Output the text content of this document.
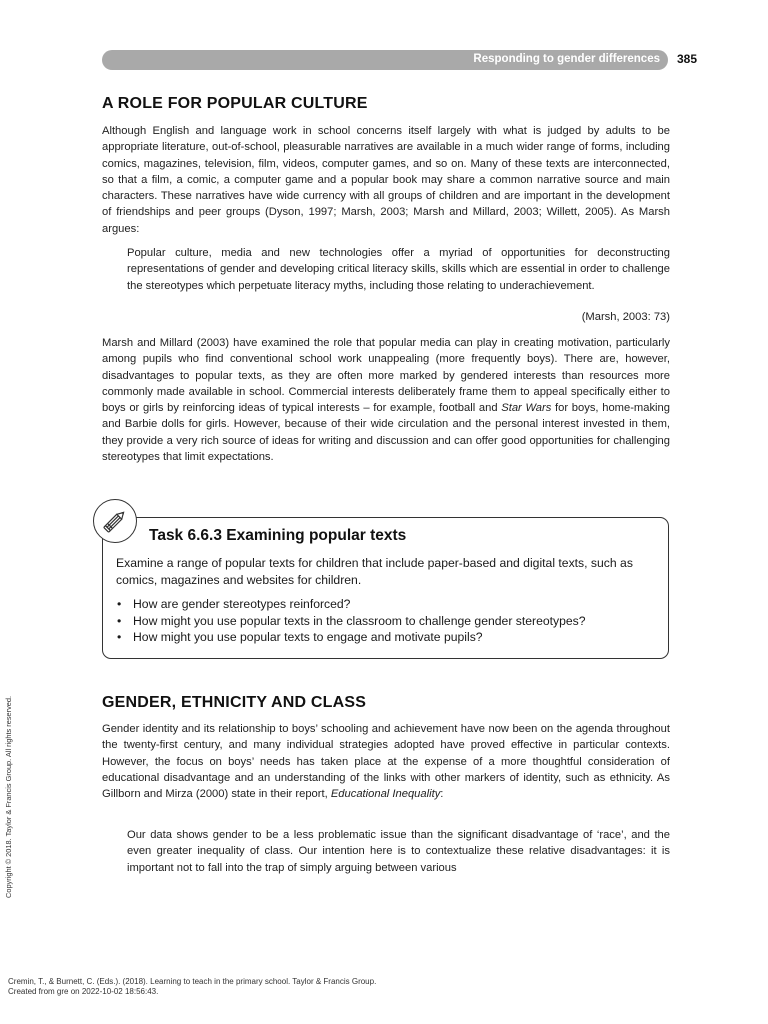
Responding to gender differences 385
A ROLE FOR POPULAR CULTURE

Although English and language work in school concerns itself largely with what is judged by adults to be appropriate literature, out-of-school, pleasurable narratives are available in a much wider range of forms, including comics, magazines, television, film, videos, computer games, and so on. Many of these texts are interconnected, so that a film, a comic, a computer game and a popular book may share a common narrative source and main characters. These narratives have wide currency with all groups of children and are important in the development of friendships and peer groups (Dyson, 1997; Marsh, 2003; Marsh and Millard, 2003; Willett, 2005). As Marsh argues:

Popular culture, media and new technologies offer a myriad of opportunities for deconstructing representations of gender and developing critical literacy skills, skills which are essential in order to challenge the stereotypes which perpetuate literacy myths, including those relating to underachievement.

(Marsh, 2003: 73)

Marsh and Millard (2003) have examined the role that popular media can play in creating motivation, particularly among pupils who find conventional school work unappealing (more frequently boys). There are, however, disadvantages to popular texts, as they are often more marked by gendered interests than resources more commonly made available in school. Commercial interests deliberately frame them to appeal specifically either to boys or girls by reinforcing ideas of typical interests – for example, football and Star Wars for boys, home-making and Barbie dolls for girls. However, because of their wide circulation and the personal interest invested in them, they provide a very rich source of ideas for writing and discussion and can offer good opportunities for challenging stereotypes that limit expectations.

Task 6.6.3 Examining popular texts

Examine a range of popular texts for children that include paper-based and digital texts, such as comics, magazines and websites for children.

• How are gender stereotypes reinforced?
• How might you use popular texts in the classroom to challenge gender stereotypes?
• How might you use popular texts to engage and motivate pupils?
GENDER, ETHNICITY AND CLASS

Gender identity and its relationship to boys’ schooling and achievement have now been on the agenda throughout the twenty-first century, and many individual strategies adopted have proved effective in particular contexts. However, the focus on boys’ needs has taken place at the expense of a more thoughtful consideration of educational disadvantage and an understanding of the links with other markers of identity, such as ethnicity. As Gillborn and Mirza (2000) state in their report, Educational Inequality:

Our data shows gender to be a less problematic issue than the significant disadvantage of ‘race’, and the even greater inequality of class. Our intention here is to contextualize these relative disadvantages: it is important not to fall into the trap of simply arguing between various

Copyright © 2018. Taylor & Francis Group. All rights reserved.

Cremin, T., & Burnett, C. (Eds.). (2018). Learning to teach in the primary school. Taylor & Francis Group.
Created from gre on 2022-10-02 18:56:43.
